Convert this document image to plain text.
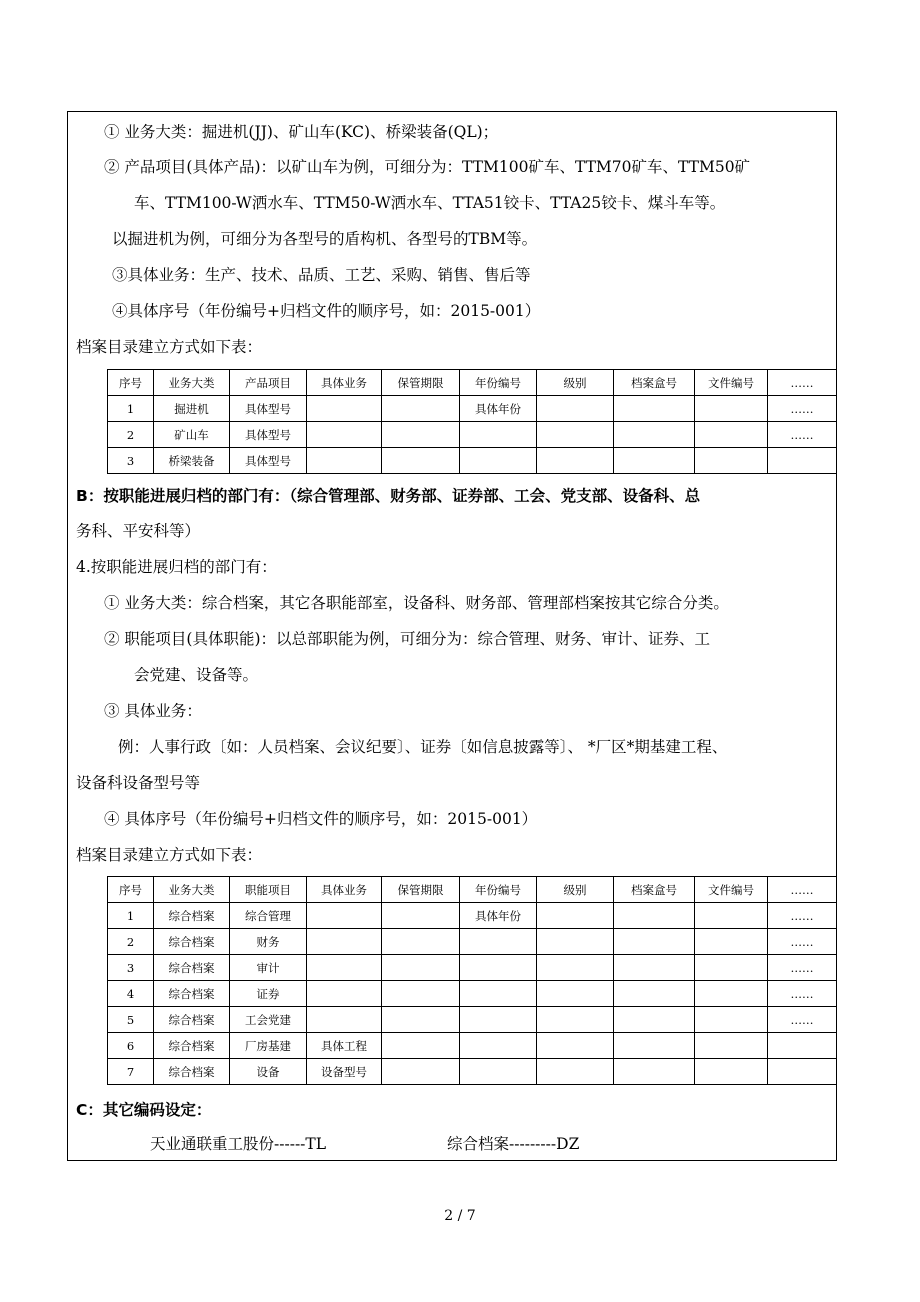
① 业务大类：掘进机(JJ)、矿山车(KC)、桥梁装备(QL)；
② 产品项目(具体产品)：以矿山车为例，可细分为：TTM100矿车、TTM70矿车、TTM50矿
车、TTM100-W洒水车、TTM50-W洒水车、TTA51铰卡、TTA25铰卡、煤斗车等。
以掘进机为例，可细分为各型号的盾构机、各型号的TBM等。
③具体业务：生产、技术、品质、工艺、采购、销售、售后等
④具体序号（年份编号+归档文件的顺序号，如：2015-001）
档案目录建立方式如下表：
序号	业务大类	产品项目	具体业务	保管期限	年份编号	级别	档案盒号	文件编号	……
1	掘进机	具体型号			具体年份				……
2	矿山车	具体型号							……
3	桥梁装备	具体型号							
B：按职能进展归档的部门有：（综合管理部、财务部、证券部、工会、党支部、设备科、总
务科、平安科等）
4.按职能进展归档的部门有：
① 业务大类：综合档案，其它各职能部室，设备科、财务部、管理部档案按其它综合分类。
② 职能项目(具体职能)：以总部职能为例，可细分为：综合管理、财务、审计、证券、工
会党建、设备等。
③ 具体业务：
例：人事行政〔如：人员档案、会议纪要〕、证券〔如信息披露等〕、 *厂区*期基建工程、
设备科设备型号等
④ 具体序号（年份编号+归档文件的顺序号，如：2015-001）
档案目录建立方式如下表：
序号	业务大类	职能项目	具体业务	保管期限	年份编号	级别	档案盒号	文件编号	……
1	综合档案	综合管理			具体年份				……
2	综合档案	财务							……
3	综合档案	审计							……
4	综合档案	证券							……
5	综合档案	工会党建							……
6	综合档案	厂房基建	具体工程						
7	综合档案	设备	设备型号						
C：其它编码设定：
天业通联重工股份------TL	综合档案---------DZ
2 / 7
